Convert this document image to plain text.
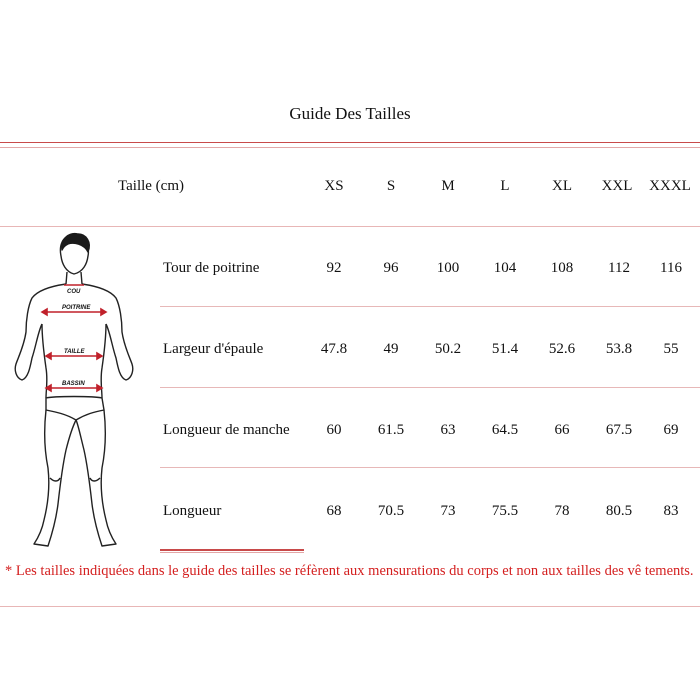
Guide Des Tailles
Taille (cm)	XS	S	M	L	XL	XXL	XXXL
Tour de poitrine	92	96	100	104	108	112	116
Largeur d'épaule	47.8	49	50.2	51.4	52.6	53.8	55
Longueur de manche	60	61.5	63	64.5	66	67.5	69
Longueur	68	70.5	73	75.5	78	80.5	83
COU
POITRINE
TAILLE
BASSIN
* Les tailles indiquées dans le guide des tailles se réfèrent aux mensurations du corps et non aux tailles des vê tements.
